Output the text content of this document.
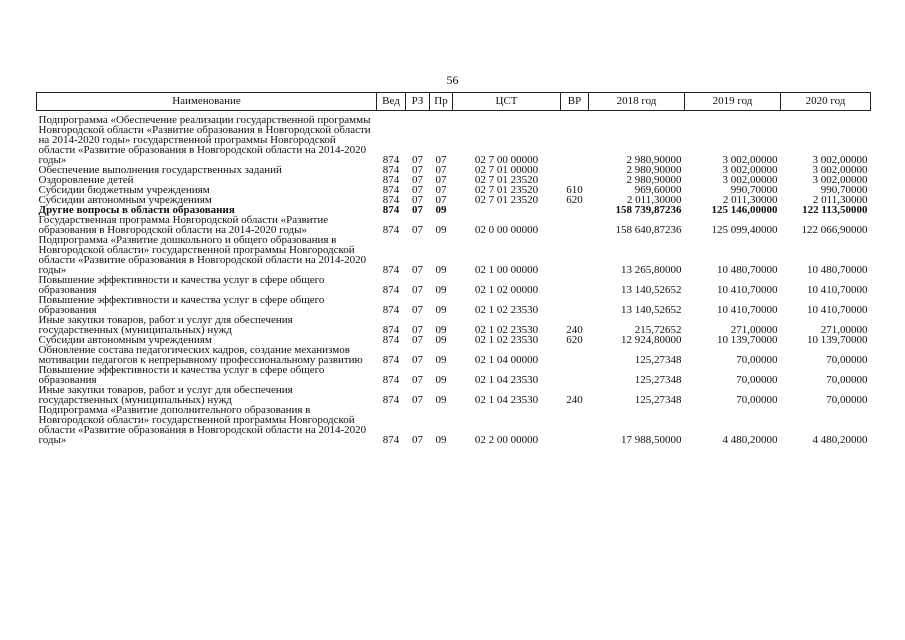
56
Наименование	Вед	РЗ	Пр	ЦСТ	ВР	2018 год	2019 год	2020 год
Подпрограмма «Обеспечение реализации государственной программы Новгородской области «Развитие образования в Новгородской области на 2014-2020 годы» государственной программы Новгородской области «Развитие образования в Новгородской области на 2014-2020 годы»	874	07	07	02 7 00 00000		2 980,90000	3 002,00000	3 002,00000
Обеспечение выполнения государственных заданий	874	07	07	02 7 01 00000		2 980,90000	3 002,00000	3 002,00000
Оздоровление детей	874	07	07	02 7 01 23520		2 980,90000	3 002,00000	3 002,00000
Субсидии бюджетным учреждениям	874	07	07	02 7 01 23520	610	969,60000	990,70000	990,70000
Субсидии автономным учреждениям	874	07	07	02 7 01 23520	620	2 011,30000	2 011,30000	2 011,30000
Другие вопросы в области образования	874	07	09			158 739,87236	125 146,00000	122 113,50000
Государственная программа Новгородской области «Развитие образования в Новгородской области на 2014-2020 годы»	874	07	09	02 0 00 00000		158 640,87236	125 099,40000	122 066,90000
Подпрограмма «Развитие дошкольного и общего образования в Новгородской области» государственной программы Новгородской области «Развитие образования в Новгородской области на 2014-2020 годы»	874	07	09	02 1 00 00000		13 265,80000	10 480,70000	10 480,70000
Повышение эффективности и качества услуг в сфере общего образования	874	07	09	02 1 02 00000		13 140,52652	10 410,70000	10 410,70000
Повышение эффективности и качества услуг в сфере общего образования	874	07	09	02 1 02 23530		13 140,52652	10 410,70000	10 410,70000
Иные закупки товаров, работ и услуг для обеспечения государственных (муниципальных) нужд	874	07	09	02 1 02 23530	240	215,72652	271,00000	271,00000
Субсидии автономным учреждениям	874	07	09	02 1 02 23530	620	12 924,80000	10 139,70000	10 139,70000
Обновление состава педагогических кадров, создание механизмов мотивации педагогов к непрерывному профессиональному развитию	874	07	09	02 1 04 00000		125,27348	70,00000	70,00000
Повышение эффективности и качества услуг в сфере общего образования	874	07	09	02 1 04 23530		125,27348	70,00000	70,00000
Иные закупки товаров, работ и услуг для обеспечения государственных (муниципальных) нужд	874	07	09	02 1 04 23530	240	125,27348	70,00000	70,00000
Подпрограмма «Развитие дополнительного образования в Новгородской области» государственной программы Новгородской области «Развитие образования в Новгородской области на 2014-2020 годы»	874	07	09	02 2 00 00000		17 988,50000	4 480,20000	4 480,20000
